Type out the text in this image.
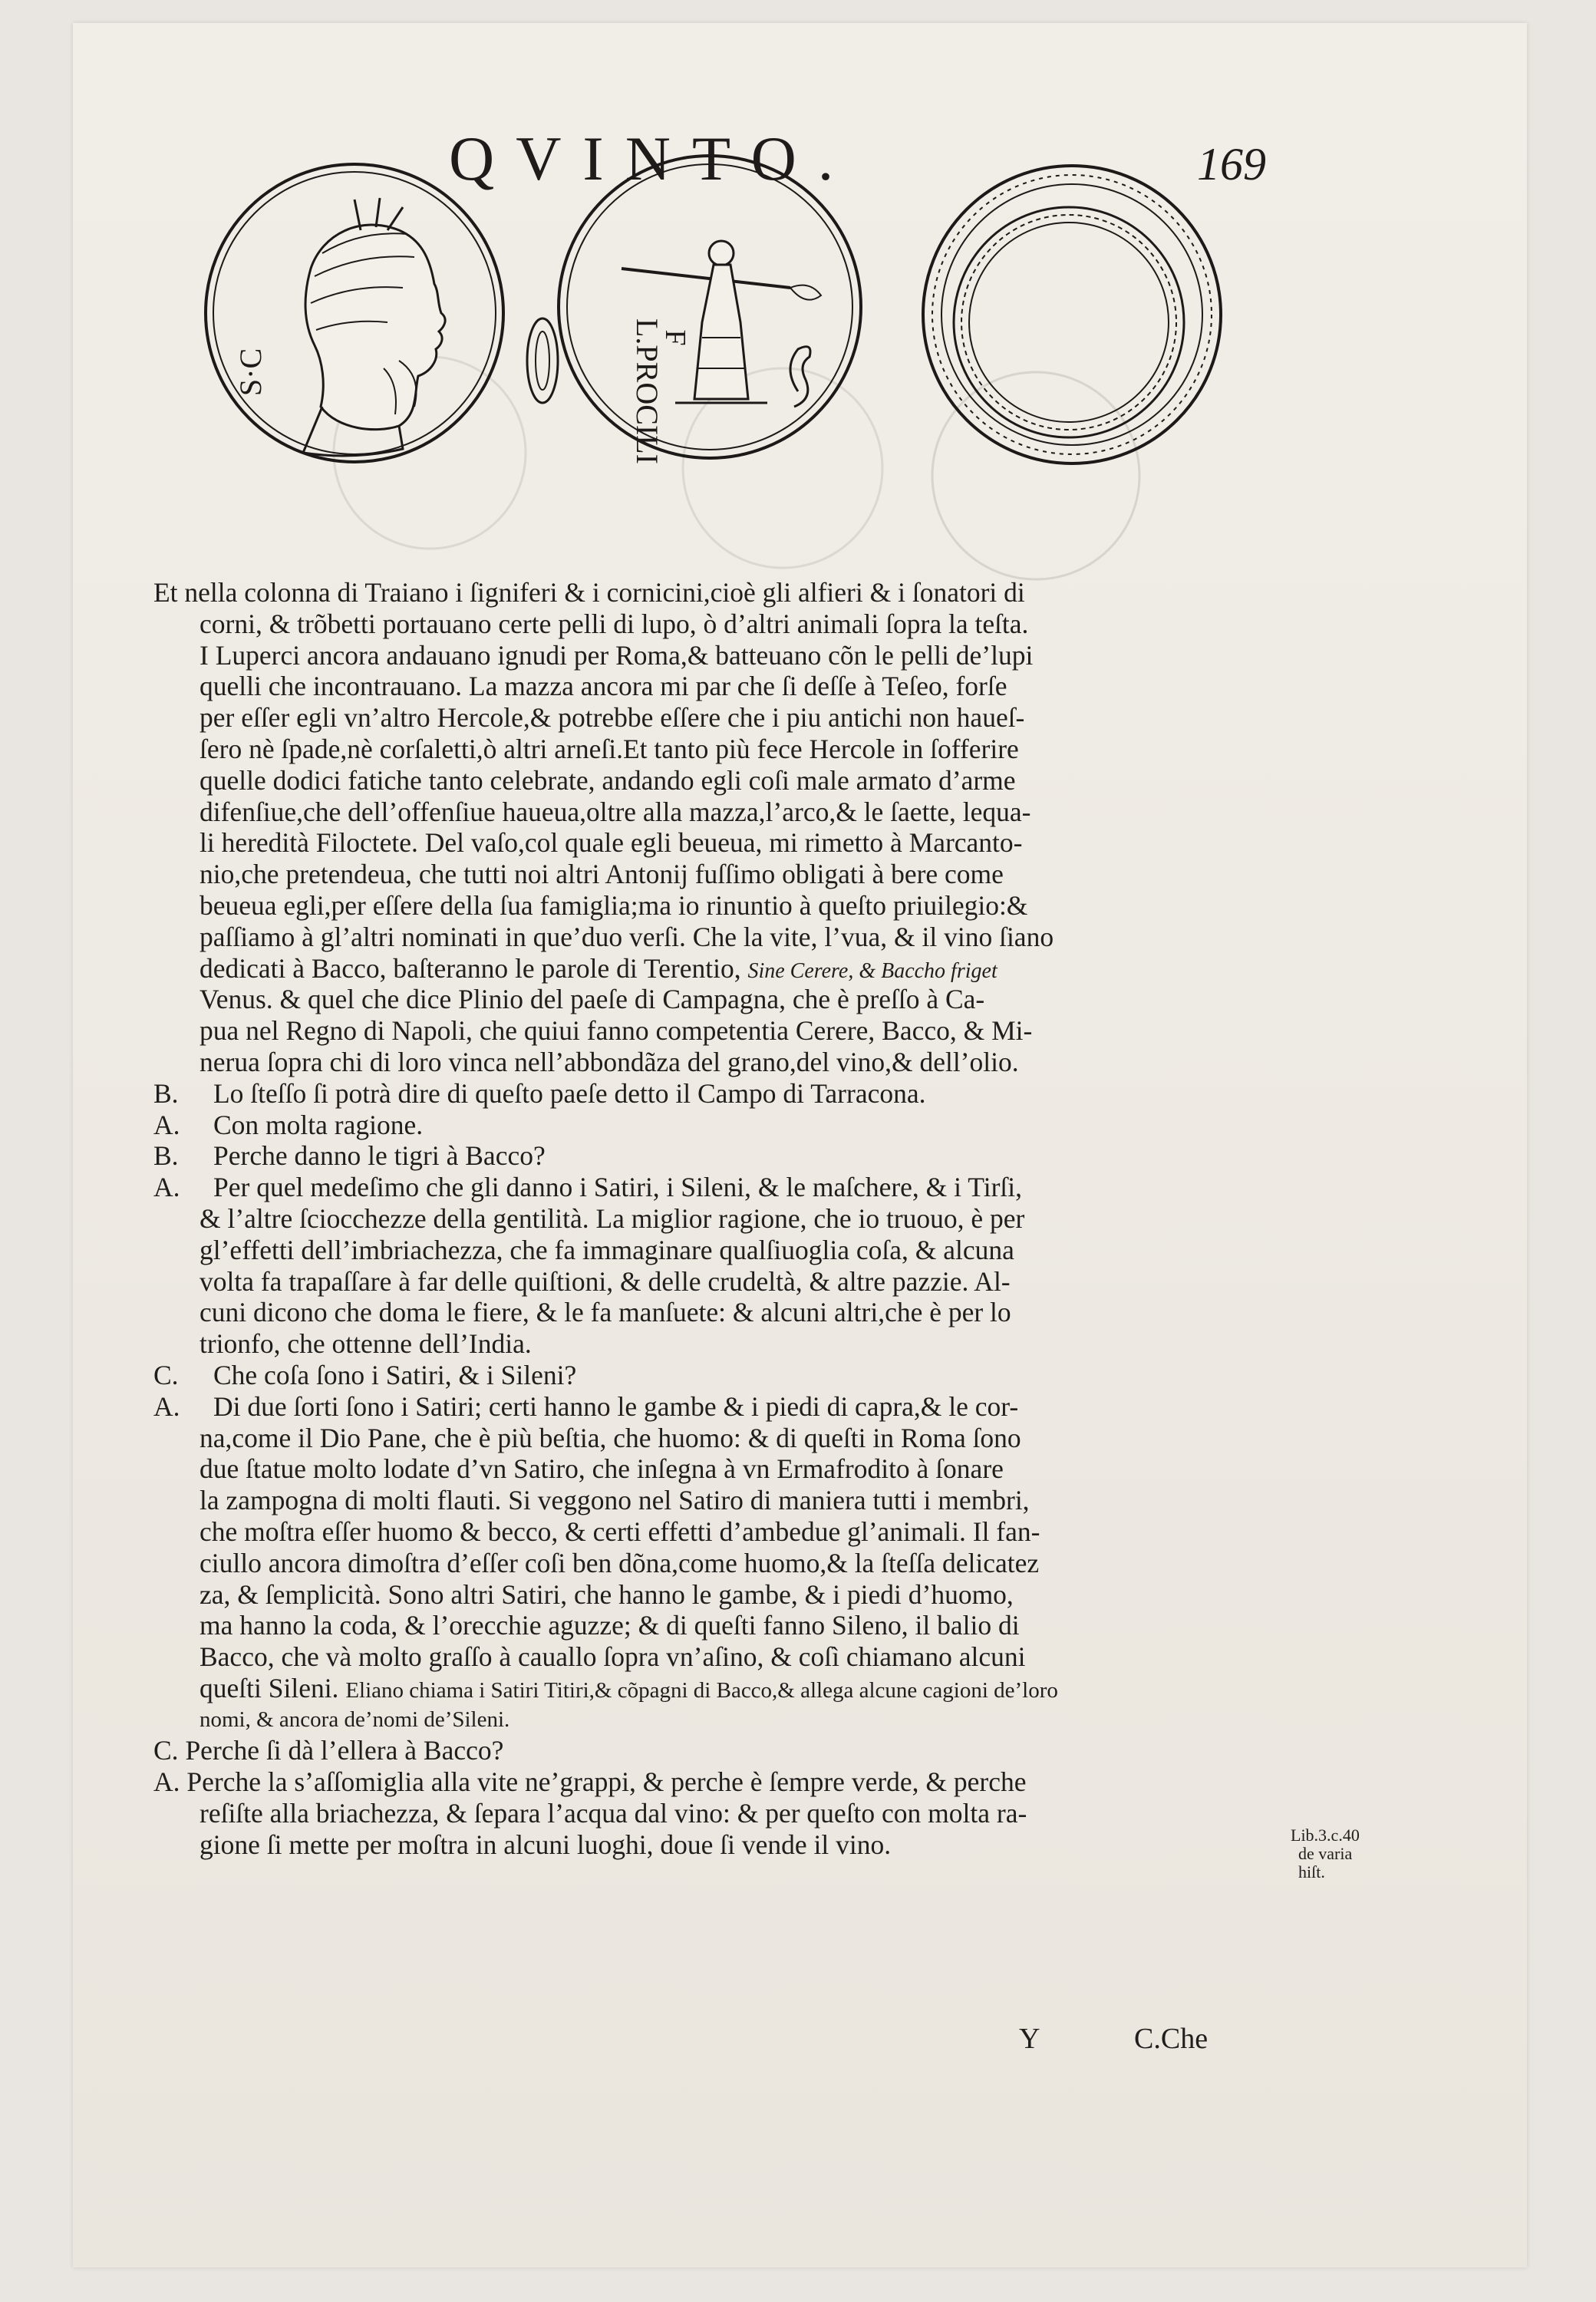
QVINTO.	169
S·C	L.PROCILI
F
Et nella colonna di Traiano i ſigniferi & i cornicini,cioè gli alfieri & i ſonatori di
corni, & trõbetti portauano certe pelli di lupo, ò d’altri animali ſopra la teſta.
I Luperci ancora andauano ignudi per Roma,& batteuano cõn le pelli de’lupi
quelli che incontrauano. La mazza ancora mi par che ſi deſſe à Teſeo, forſe
per eſſer egli vn’altro Hercole,& potrebbe eſſere che i piu antichi non haueſ-
ſero nè ſpade,nè corſaletti,ò altri arneſi.Et tanto più fece Hercole in ſofferire
quelle dodici fatiche tanto celebrate, andando egli coſi male armato d’arme
difenſiue,che dell’offenſiue haueua,oltre alla mazza,l’arco,& le ſaette, lequa-
li heredità Filoctete. Del vaſo,col quale egli beueua, mi rimetto à Marcanto-
nio,che pretendeua, che tutti noi altri Antonij fuſſimo obligati à bere come
beueua egli,per eſſere della ſua famiglia;ma io rinuntio à queſto priuilegio:&
paſſiamo à gl’altri nominati in que’duo verſi. Che la vite, l’vua, & il vino ſiano
dedicati à Bacco, baſteranno le parole di Terentio, Sine Cerere, & Baccho friget
Venus. & quel che dice Plinio del paeſe di Campagna, che è preſſo à Ca-
pua nel Regno di Napoli, che quiui fanno competentia Cerere, Bacco, & Mi-
nerua ſopra chi di loro vinca nell’abbondãza del grano,del vino,& dell’olio.
B. Lo ſteſſo ſi potrà dire di queſto paeſe detto il Campo di Tarracona.
A. Con molta ragione.
B. Perche danno le tigri à Bacco?
A. Per quel medeſimo che gli danno i Satiri, i Sileni, & le maſchere, & i Tirſi,
& l’altre ſciocchezze della gentilità. La miglior ragione, che io truouo, è per
gl’effetti dell’imbriachezza, che fa immaginare qualſiuoglia coſa, & alcuna
volta fa trapaſſare à far delle quiſtioni, & delle crudeltà, & altre pazzie. Al-
cuni dicono che doma le fiere, & le fa manſuete: & alcuni altri,che è per lo
trionfo, che ottenne dell’India.
C. Che coſa ſono i Satiri, & i Sileni?
A. Di due ſorti ſono i Satiri; certi hanno le gambe & i piedi di capra,& le cor-
na,come il Dio Pane, che è più beſtia, che huomo: & di queſti in Roma ſono
due ſtatue molto lodate d’vn Satiro, che inſegna à vn Ermafrodito à ſonare
la zampogna di molti flauti. Si veggono nel Satiro di maniera tutti i membri,
che moſtra eſſer huomo & becco, & certi effetti d’ambedue gl’animali. Il fan-
ciullo ancora dimoſtra d’eſſer coſi ben dõna,come huomo,& la ſteſſa delicatez
za, & ſemplicità. Sono altri Satiri, che hanno le gambe, & i piedi d’huomo,
ma hanno la coda, & l’orecchie aguzze; & di queſti fanno Sileno, il balio di
Bacco, che và molto graſſo à cauallo ſopra vn’aſino, & coſì chiamano alcuni
queſti Sileni. Eliano chiama i Satiri Titiri,& cõpagni di Bacco,& allega alcune cagioni de’loro
nomi, & ancora de’nomi de’Sileni.
C. Perche ſi dà l’ellera à Bacco?
A. Perche la s’aſſomiglia alla vite ne’grappi, & perche è ſempre verde, & perche
reſiſte alla briachezza, & ſepara l’acqua dal vino: & per queſto con molta ra-
gione ſi mette per moſtra in alcuni luoghi, doue ſi vende il vino.	Lib.3.c.40
de varia
hiſt.
Y	C.Che
